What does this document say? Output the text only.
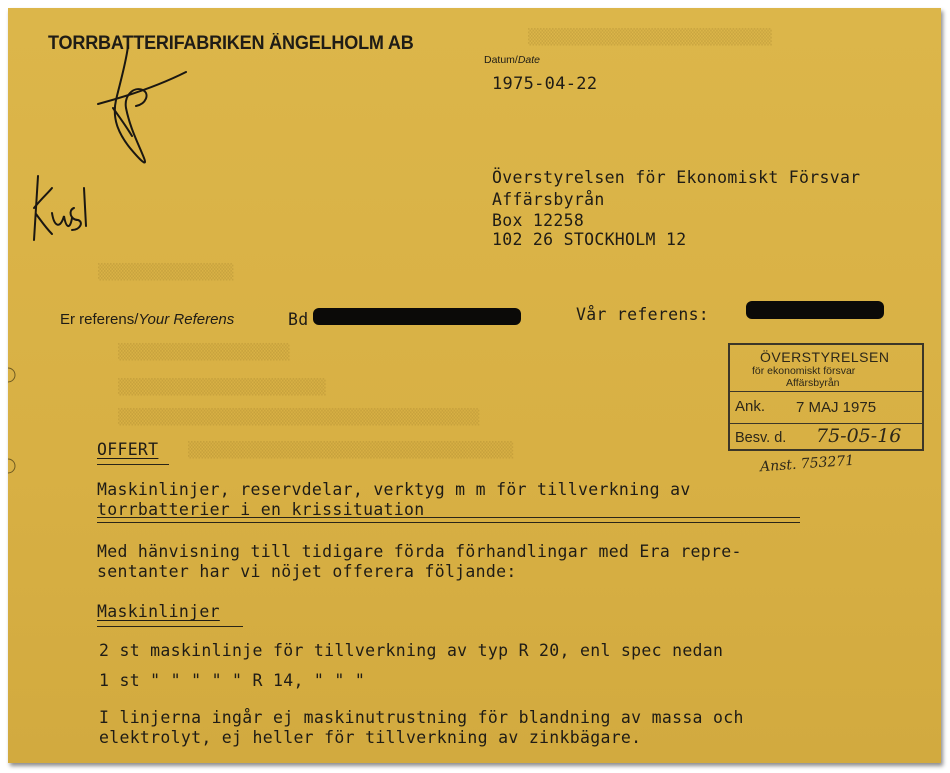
▒▒▒▒▒▒▒▒▒▒▒▒▒▒▒
▒▒▒▒▒▒▒▒▒▒▒▒▒▒▒▒▒▒▒
▒▒▒▒▒▒▒▒▒▒▒▒▒▒▒▒▒▒▒▒▒▒▒
▒▒▒▒▒▒▒▒▒▒▒▒▒▒▒▒▒▒▒▒▒▒▒▒▒▒▒▒▒▒▒▒▒▒▒▒▒▒▒▒
▒▒▒▒▒▒▒▒▒▒▒▒▒▒▒▒▒▒▒▒▒▒▒▒▒▒▒▒▒▒▒▒▒▒▒▒
▒▒▒▒▒▒▒▒▒▒▒▒▒▒▒▒▒▒▒▒▒▒▒▒▒▒▒
TORRBATTERIFABRIKEN ÄNGELHOLM AB
Datum/Date
1975-04-22
Överstyrelsen för Ekonomiskt Försvar
Affärsbyrån
Box 12258
102 26 STOCKHOLM 12
Er referens/Your Referens	Bd	Vår referens:
ÖVERSTYRELSEN
för ekonomiskt försvar
Affärsbyrån
Ank. 7 MAJ 1975
Besv. d. 75-05-16
Anst. 753271
OFFERT
Maskinlinjer, reservdelar, verktyg m m för tillverkning av
torrbatterier i en krissituation
Med hänvisning till tidigare förda förhandlingar med Era repre-
sentanter har vi nöjet offerera följande:
Maskinlinjer
2 st maskinlinje för tillverkning av typ R 20, enl spec nedan
1 st " " " " " R 14, " " "
I linjerna ingår ej maskinutrustning för blandning av massa och
elektrolyt, ej heller för tillverkning av zinkbägare.
Kus 1
